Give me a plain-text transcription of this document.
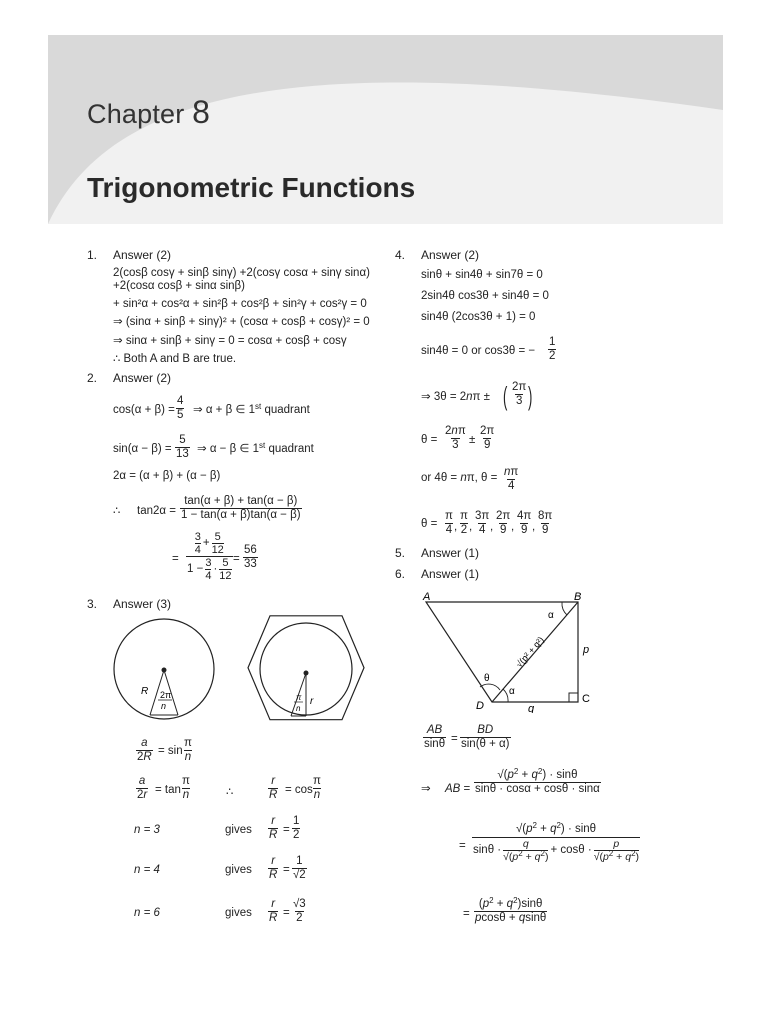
Chapter 8
Trigonometric Functions
1. Answer (2)
2(cosβ cosγ + sinβ sinγ) +2(cosγ cosα + sinγ sinα)
+2(cosα cosβ + sinα sinβ)
+ sin²α + cos²α + sin²β + cos²β + sin²γ + cos²γ = 0
⇒ (sinα + sinβ + sinγ)² + (cosα + cosβ + cosγ)² = 0
⇒ sinα + sinβ + sinγ = 0 = cosα + cosβ + cosγ
∴ Both A and B are true.
2. Answer (2)
cos(α + β) =
4
5 ⇒ α + β ∈ 1st quadrant
sin(α − β) =
5
13 ⇒ α − β ∈ 1st quadrant
2α = (α + β) + (α − β)
∴ tan2α =
tan(α + β) + tan(α − β)
1 − tan(α + β)tan(α − β)
=
3
4
+ 5
12
1 − 3
4
· 5
12
=
56
33
3. Answer (3)
R 2π
n
π
n
r
a
2R = sin
π
n
a
2r = tan
π
n	∴
r
R = cos
π
n
n = 3	gives
r
R =
1
2
n = 4	gives
r
R =
1
√2
n = 6	gives
r
R =
√3
2
4. Answer (2)
sinθ + sin4θ + sin7θ = 0
2sin4θ cos3θ + sin4θ = 0
sin4θ (2cos3θ + 1) = 0
sin4θ = 0 or cos3θ = −
1
2
⇒ 3θ = 2nπ ± ( 2π
3 )
θ =
2nπ
3 ±
2π
9
or 4θ = nπ, θ = nπ
4
θ =
π
4 ,
π
2 ,
3π
4 ,
2π
9 ,
4π
9 ,
8π
9
5. Answer (1)
6. Answer (1)
A	B
C
D
p
q
α
α
θ
√(p² + q²)
AB
sinθ =
BD
sin(θ + α)
⇒ AB =
$√(p^2 + q^2) \cdot \sin\theta$
sinθ · cosα + cosθ · sinα
=
$√(p^2 + q^2) \cdot \sin\theta$
sinθ · q
$√(p^2 + q^2)$
+ cosθ · p
$√(p^2 + q^2)$
=
$(p^2 + q^2)\sin\theta$
pcosθ + qsinθ
